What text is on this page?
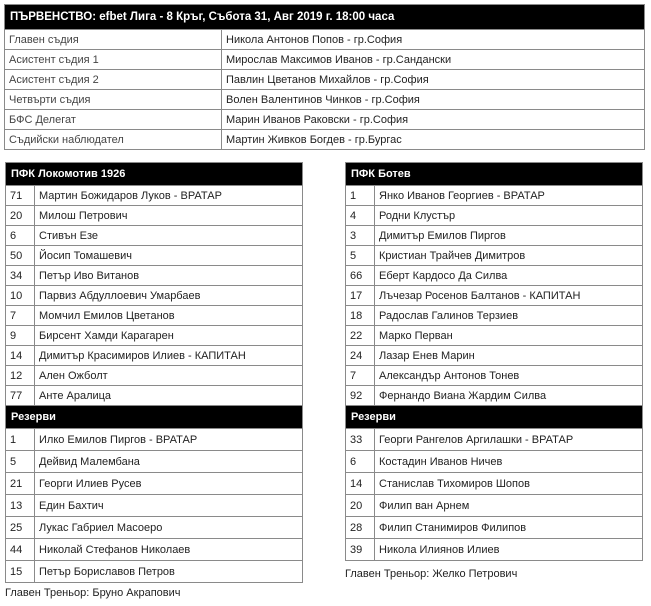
ПЪРВЕНСТВО: efbet Лига - 8 Кръг, Събота 31, Авг 2019 г. 18:00 часа	
Главен съдия	Никола Антонов Попов - гр.София
Асистент съдия 1	Мирослав Максимов Иванов - гр.Сандански
Асистент съдия 2	Павлин Цветанов Михайлов - гр.София
Четвърти съдия	Волен Валентинов Чинков - гр.София
БФС Делегат	Марин Иванов Раковски - гр.София
Съдийски наблюдател	Мартин Живков Богдев - гр.Бургас
ПФК Локомотив 1926	
71	Мартин Божидаров Луков - ВРАТАР
20	Милош Петрович
6	Стивън Езе
50	Йосип Томашевич
34	Петър Иво Витанов
10	Парвиз Абдуллоевич Умарбаев
7	Момчил Емилов Цветанов
9	Бирсент Хамди Карагарен
14	Димитър Красимиров Илиев - КАПИТАН
12	Ален Ожболт
77	Анте Аралица
Резерви	
1	Илко Емилов Пиргов - ВРАТАР
5	Дейвид Малембана
21	Георги Илиев Русев
13	Един Бахтич
25	Лукас Габриел Масоеро
44	Николай Стефанов Николаев
15	Петър Бориславов Петров
ПФК Ботев	
1	Янко Иванов Георгиев - ВРАТАР
4	Родни Клустър
3	Димитър Емилов Пиргов
5	Кристиан Трайчев Димитров
66	Еберт Кардосо Да Силва
17	Лъчезар Росенов Балтанов - КАПИТАН
18	Радослав Галинов Терзиев
22	Марко Перван
24	Лазар Енев Марин
7	Александър Антонов Тонев
92	Фернандо Виана Жардим Силва
Резерви	
33	Георги Рангелов Аргилашки - ВРАТАР
6	Костадин Иванов Ничев
14	Станислав Тихомиров Шопов
20	Филип ван Арнем
28	Филип Станимиров Филипов
39	Никола Илиянов Илиев
Главен Треньор: Бруно Акрапович
Главен Треньор: Желко Петрович
